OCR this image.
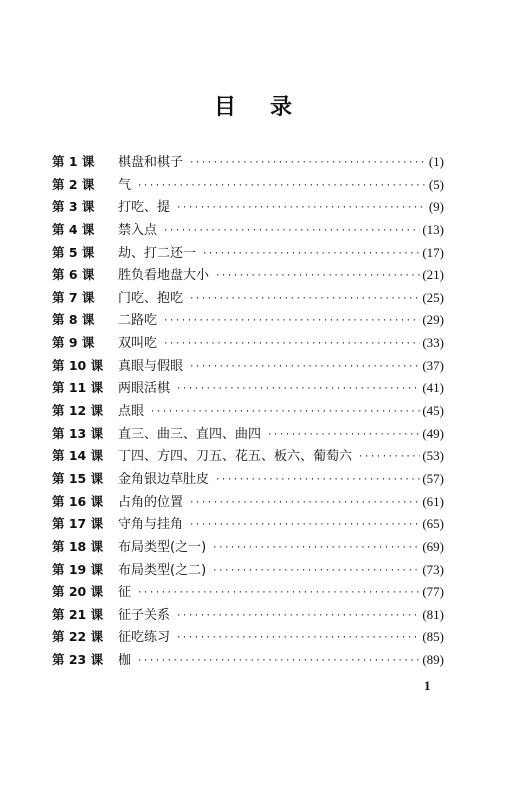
目 录
第 1 课	棋盘和棋子 ·····	(1)
第 2 课	气 ·····	(5)
第 3 课	打吃、提 ·····	(9)
第 4 课	禁入点 ·····	(13)
第 5 课	劫、打二还一 ·····	(17)
第 6 课	胜负看地盘大小 ·····	(21)
第 7 课	门吃、抱吃 ·····	(25)
第 8 课	二路吃 ·····	(29)
第 9 课	双叫吃 ·····	(33)
第 10 课	真眼与假眼 ·····	(37)
第 11 课	两眼活棋 ·····	(41)
第 12 课	点眼 ·····	(45)
第 13 课	直三、曲三、直四、曲四 ·····	(49)
第 14 课	丁四、方四、刀五、花五、板六、葡萄六 ·····	(53)
第 15 课	金角银边草肚皮 ·····	(57)
第 16 课	占角的位置 ·····	(61)
第 17 课	守角与挂角 ·····	(65)
第 18 课	布局类型(之一) ·····	(69)
第 19 课	布局类型(之二) ·····	(73)
第 20 课	征 ·····	(77)
第 21 课	征子关系 ·····	(81)
第 22 课	征吃练习 ·····	(85)
第 23 课	枷 ·····	(89)
1
